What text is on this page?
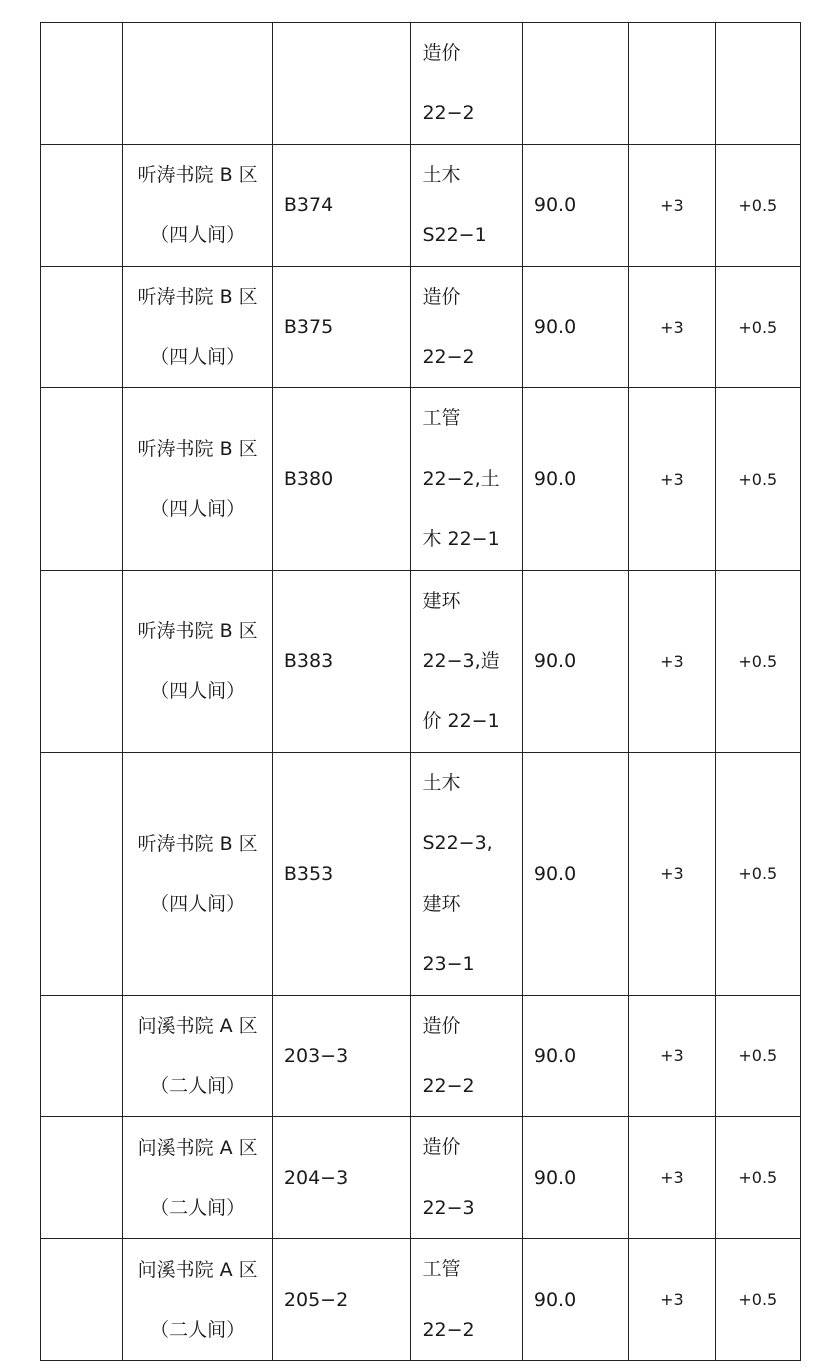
			造价
22−2			

	听涛书院 B 区
（四人间）	B374	土木
S22−1	90.0	+3	+0.5

	听涛书院 B 区
（四人间）	B375	造价
22−2	90.0	+3	+0.5

	听涛书院 B 区
（四人间）	B380	工管
22−2,土
木 22−1	90.0	+3	+0.5

	听涛书院 B 区
（四人间）	B383	建环
22−3,造
价 22−1	90.0	+3	+0.5

	听涛书院 B 区
（四人间）	B353	土木
S22−3,
建环
23−1	90.0	+3	+0.5

	问溪书院 A 区
（二人间）	203−3	造价
22−2	90.0	+3	+0.5

	问溪书院 A 区
（二人间）	204−3	造价
22−3	90.0	+3	+0.5

	问溪书院 A 区
（二人间）	205−2	工管
22−2	90.0	+3	+0.5
